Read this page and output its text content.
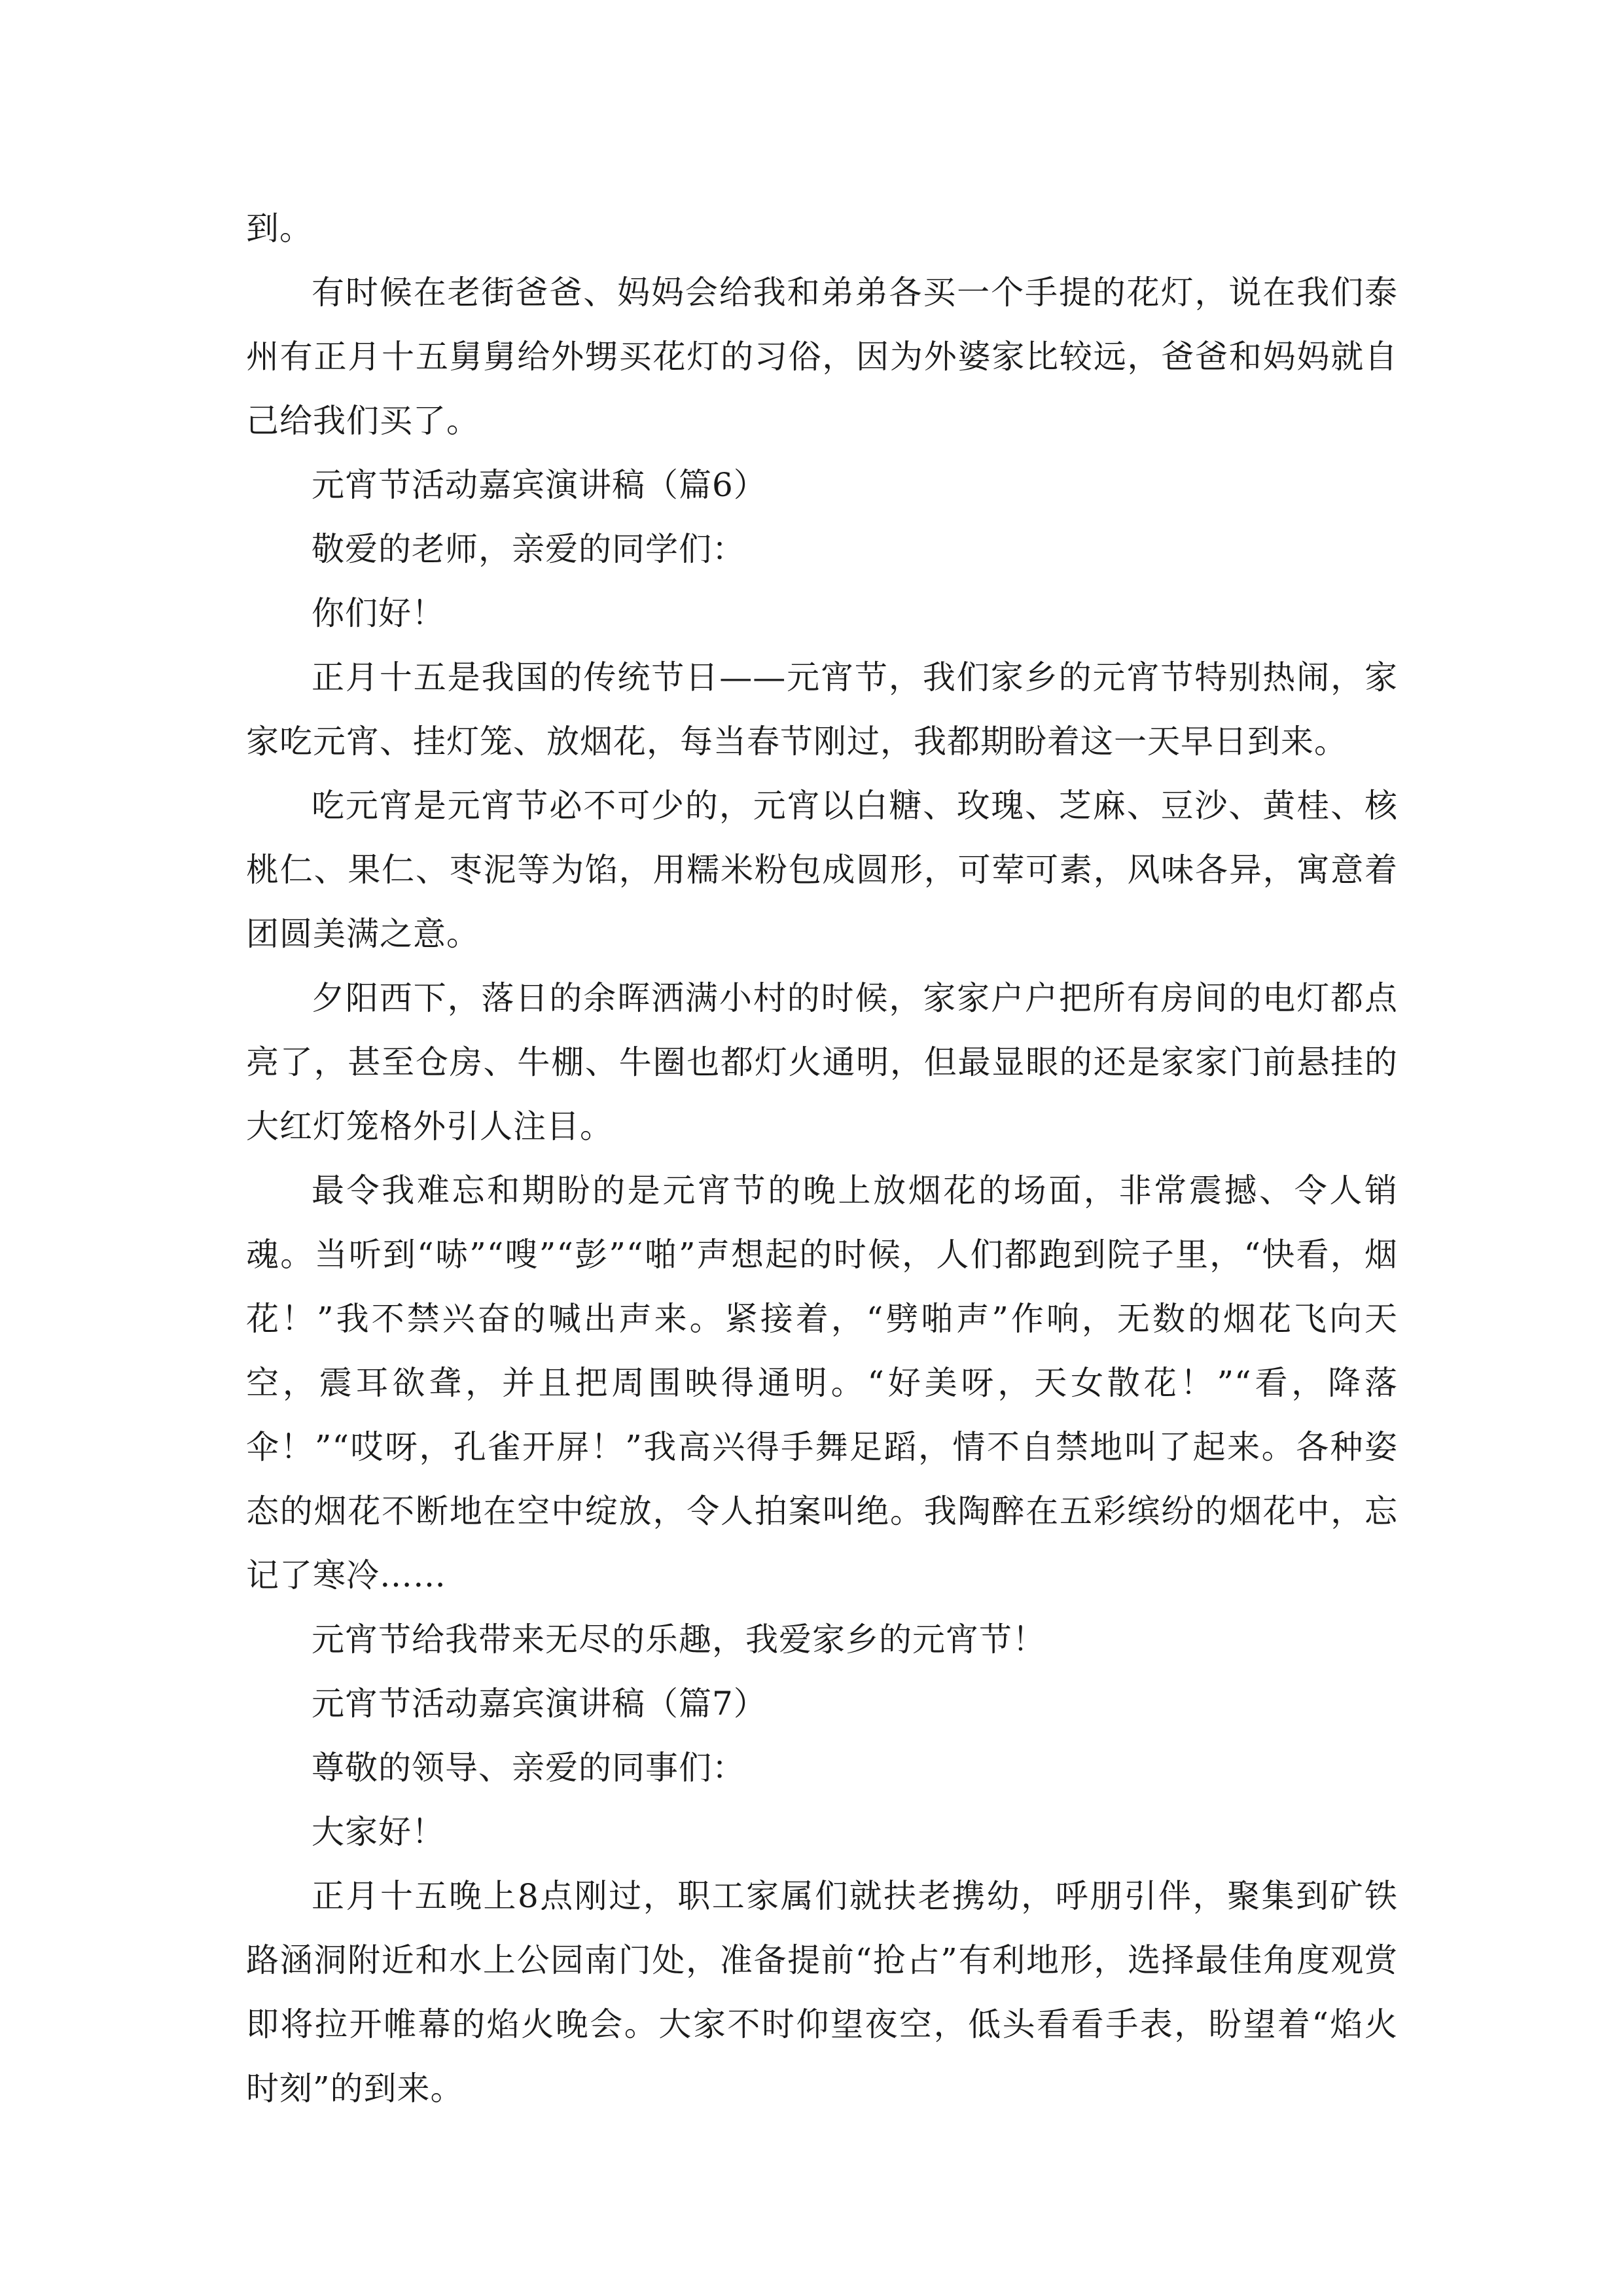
到。

有时候在老街爸爸、妈妈会给我和弟弟各买一个手提的花灯，说在我们泰州有正月十五舅舅给外甥买花灯的习俗，因为外婆家比较远，爸爸和妈妈就自己给我们买了。

元宵节活动嘉宾演讲稿（篇6）

敬爱的老师，亲爱的同学们：

你们好！

正月十五是我国的传统节日——元宵节，我们家乡的元宵节特别热闹，家家吃元宵、挂灯笼、放烟花，每当春节刚过，我都期盼着这一天早日到来。

吃元宵是元宵节必不可少的，元宵以白糖、玫瑰、芝麻、豆沙、黄桂、核桃仁、果仁、枣泥等为馅，用糯米粉包成圆形，可荤可素，风味各异，寓意着团圆美满之意。

夕阳西下，落日的余晖洒满小村的时候，家家户户把所有房间的电灯都点亮了，甚至仓房、牛棚、牛圈也都灯火通明，但最显眼的还是家家门前悬挂的大红灯笼格外引人注目。

最令我难忘和期盼的是元宵节的晚上放烟花的场面，非常震撼、令人销魂。当听到“哧”“嗖”“彭”“啪”声想起的时候，人们都跑到院子里，“快看，烟花！”我不禁兴奋的喊出声来。紧接着，“劈啪声”作响，无数的烟花飞向天空，震耳欲聋，并且把周围映得通明。“好美呀，天女散花！”“看，降落伞！”“哎呀，孔雀开屏！”我高兴得手舞足蹈，情不自禁地叫了起来。各种姿态的烟花不断地在空中绽放，令人拍案叫绝。我陶醉在五彩缤纷的烟花中，忘记了寒冷……

元宵节给我带来无尽的乐趣，我爱家乡的元宵节！

元宵节活动嘉宾演讲稿（篇7）

尊敬的领导、亲爱的同事们：

大家好！

正月十五晚上8点刚过，职工家属们就扶老携幼，呼朋引伴，聚集到矿铁路涵洞附近和水上公园南门处，准备提前“抢占”有利地形，选择最佳角度观赏即将拉开帷幕的焰火晚会。大家不时仰望夜空，低头看看手表，盼望着“焰火时刻”的到来。
